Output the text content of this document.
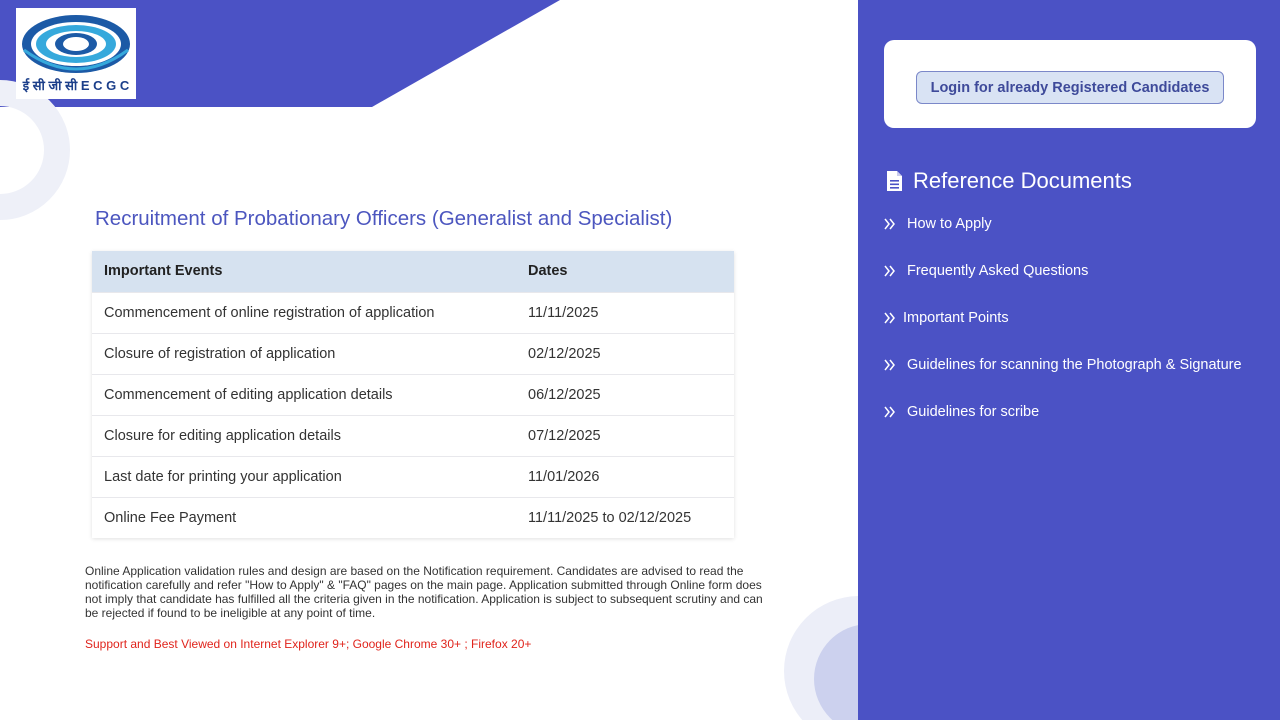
ई सी जी सी E C G C
Recruitment of Probationary Officers (Generalist and Specialist)
Important Events	Dates
Commencement of online registration of application	11/11/2025
Closure of registration of application	02/12/2025
Commencement of editing application details	06/12/2025
Closure for editing application details	07/12/2025
Last date for printing your application	11/01/2026
Online Fee Payment	11/11/2025 to 02/12/2025

Online Application validation rules and design are based on the Notification requirement. Candidates are advised to read the notification carefully and refer "How to Apply" & "FAQ" pages on the main page. Application submitted through Online form does not imply that candidate has fulfilled all the criteria given in the notification. Application is subject to subsequent scrutiny and can be rejected if found to be ineligible at any point of time.

Support and Best Viewed on Internet Explorer 9+; Google Chrome 30+ ; Firefox 20+

Login for already Registered Candidates
Reference Documents
How to Apply
Frequently Asked Questions
Important Points
Guidelines for scanning the Photograph & Signature
Guidelines for scribe
